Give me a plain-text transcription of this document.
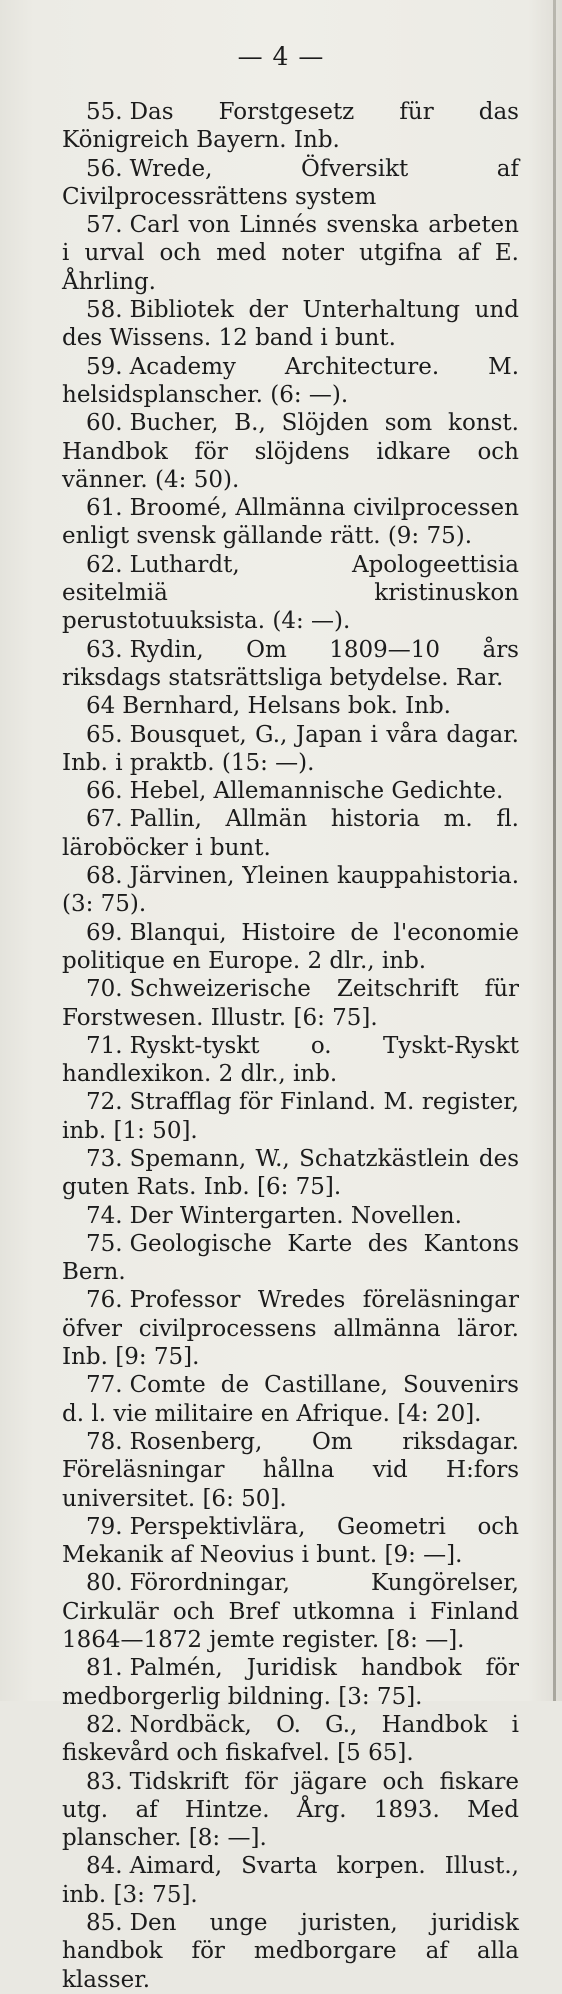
— 4 —

55. Das Forstgesetz für das Königreich Bayern. Inb.

56. Wrede, Öfversikt af Civilprocessrättens system

57. Carl von Linnés svenska arbeten i urval och med noter utgifna af E. Åhrling.

58. Bibliotek der Unterhaltung und des Wissens. 12 band i bunt.

59. Academy Architecture. M. helsidsplanscher. (6: —).

60. Bucher, B., Slöjden som konst. Handbok för slöjdens idkare och vänner. (4: 50).

61. Broomé, Allmänna civilprocessen enligt svensk gällande rätt. (9: 75).

62. Luthardt, Apologeettisia esitelmiä kristinuskon perustotuuksista. (4: —).

63. Rydin, Om 1809—10 års riksdags statsrättsliga betydelse. Rar.

64 Bernhard, Helsans bok. Inb.

65. Bousquet, G., Japan i våra dagar. Inb. i praktb. (15: —).

66. Hebel, Allemannische Gedichte.

67. Pallin, Allmän historia m. fl. läroböcker i bunt.

68. Järvinen, Yleinen kauppahistoria. (3: 75).

69. Blanqui, Histoire de l'economie politique en Europe. 2 dlr., inb.

70. Schweizerische Zeitschrift für Forstwesen. Illustr. [6: 75].

71. Ryskt-tyskt o. Tyskt-Ryskt handlexikon. 2 dlr., inb.

72. Strafflag för Finland. M. register, inb. [1: 50].

73. Spemann, W., Schatzkästlein des guten Rats. Inb. [6: 75].

74. Der Wintergarten. Novellen.

75. Geologische Karte des Kantons Bern.

76. Professor Wredes föreläsningar öfver civilprocessens allmänna läror. Inb. [9: 75].

77. Comte de Castillane, Souvenirs d. l. vie militaire en Afrique. [4: 20].

78. Rosenberg, Om riksdagar. Föreläsningar hållna vid H:fors universitet. [6: 50].

79. Perspektivlära, Geometri och Mekanik af Neovius i bunt. [9: —].

80. Förordningar, Kungörelser, Cirkulär och Bref utkomna i Finland 1864—1872 jemte register. [8: —].

81. Palmén, Juridisk handbok för medborgerlig bildning. [3: 75].

82. Nordbäck, O. G., Handbok i fiskevård och fiskafvel. [5 65].

83. Tidskrift för jägare och fiskare utg. af Hintze. Årg. 1893. Med planscher. [8: —].

84. Aimard, Svarta korpen. Illust., inb. [3: 75].

85. Den unge juristen, juridisk handbok för medborgare af alla klasser.
